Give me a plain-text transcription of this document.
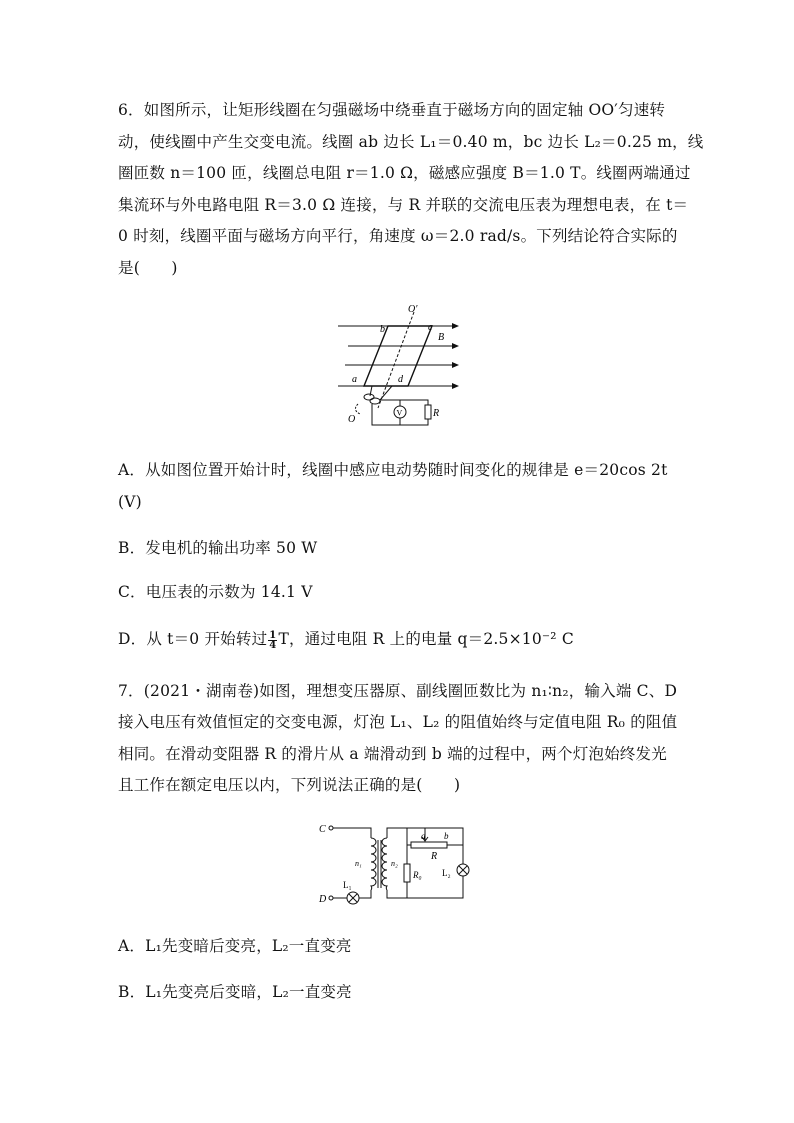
6．如图所示，让矩形线圈在匀强磁场中绕垂直于磁场方向的固定轴 OO′匀速转
动，使线圈中产生交变电流。线圈 ab 边长 L₁＝0.40 m，bc 边长 L₂＝0.25 m，线
圈匝数 n＝100 匝，线圈总电阻 r＝1.0 Ω，磁感应强度 B＝1.0 T。线圈两端通过
集流环与外电路电阻 R＝3.0 Ω 连接，与 R 并联的交流电压表为理想电表，在 t＝
0 时刻，线圈平面与磁场方向平行，角速度 ω＝2.0 rad/s。下列结论符合实际的
是(　　)
O′
b	c
B
a	d
V	R
O
A．从如图位置开始计时，线圈中感应电动势随时间变化的规律是 e＝20cos 2t
(V)
B．发电机的输出功率 50 W
C．电压表的示数为 14.1 V
D．从 t＝0 开始转过 $\frac{1}{4}$ T，通过电阻 R 上的电量 q＝2.5×10⁻² C
7．(2021・湖南卷)如图，理想变压器原、副线圈匝数比为 n₁∶n₂，输入端 C、D
接入电压有效值恒定的交变电源，灯泡 L₁、L₂ 的阻值始终与定值电阻 R₀ 的阻值
相同。在滑动变阻器 R 的滑片从 a 端滑动到 b 端的过程中，两个灯泡始终发光
且工作在额定电压以内，下列说法正确的是(　　)
C
D
n₁	n₂
a b
R
R₀ L₂
L₁
A．L₁先变暗后变亮，L₂一直变亮
B．L₁先变亮后变暗，L₂一直变亮
